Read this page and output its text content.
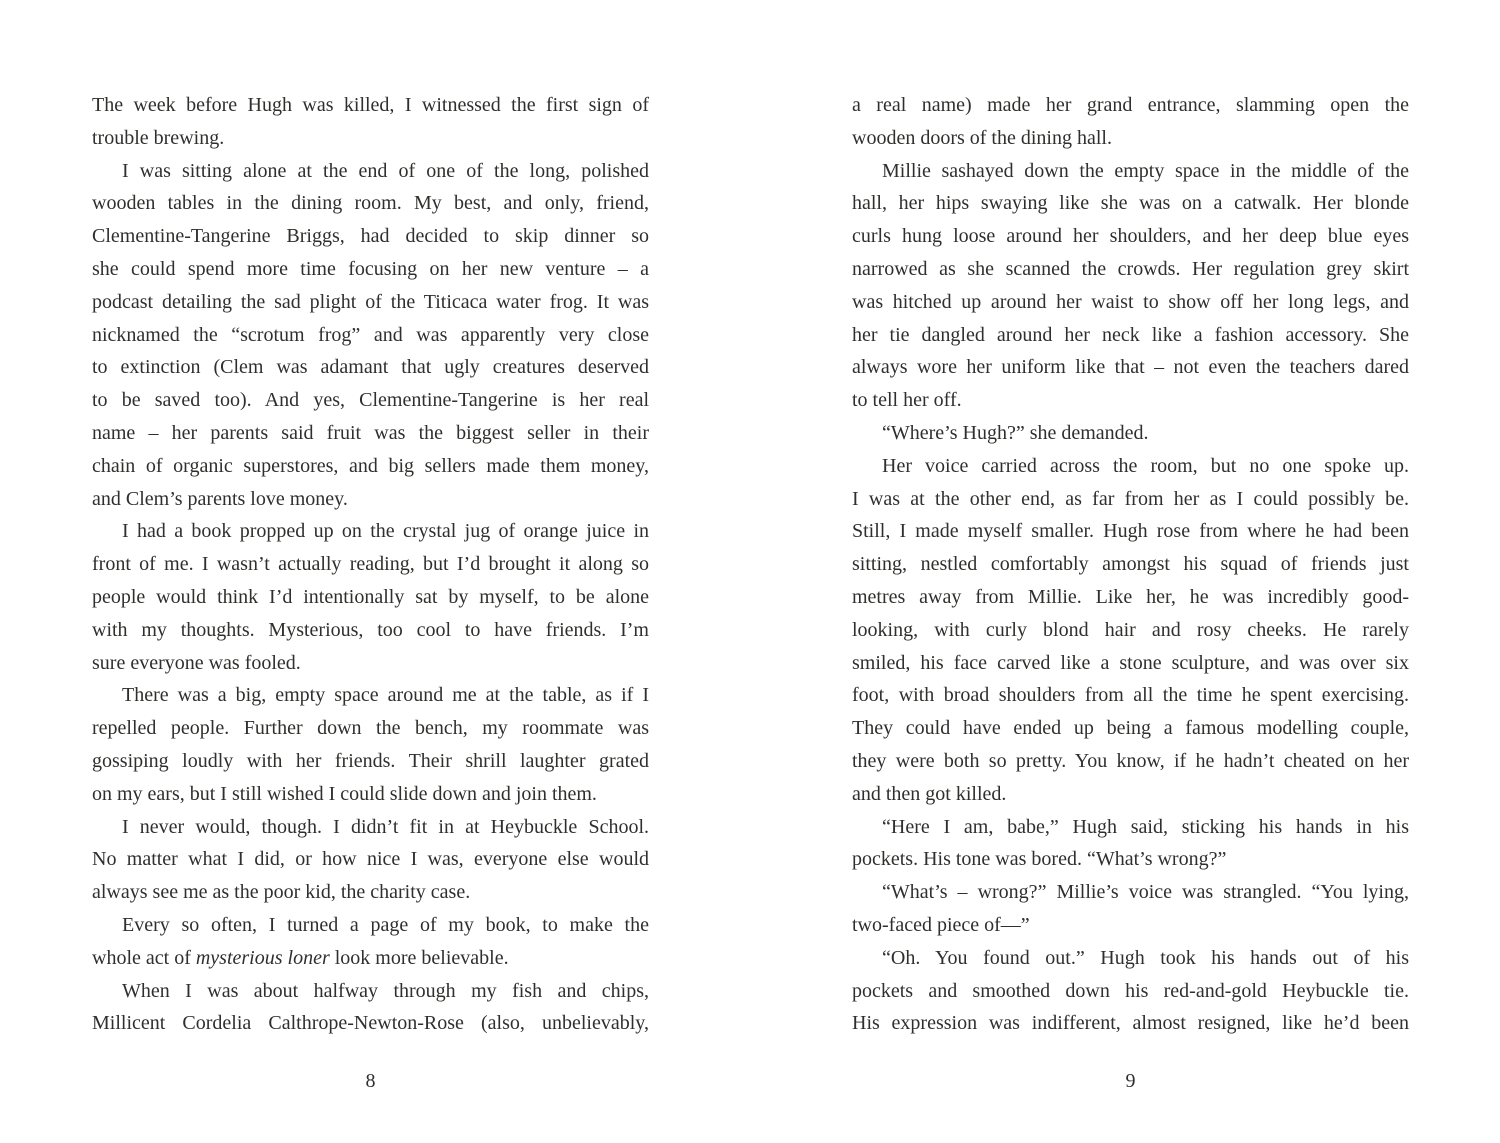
The week before Hugh was killed, I witnessed the first sign of
trouble brewing.
I was sitting alone at the end of one of the long, polished
wooden tables in the dining room. My best, and only, friend,
Clementine-Tangerine Briggs, had decided to skip dinner so
she could spend more time focusing on her new venture – a
podcast detailing the sad plight of the Titicaca water frog. It was
nicknamed the “scrotum frog” and was apparently very close
to extinction (Clem was adamant that ugly creatures deserved
to be saved too). And yes, Clementine-Tangerine is her real
name – her parents said fruit was the biggest seller in their
chain of organic superstores, and big sellers made them money,
and Clem’s parents love money.
I had a book propped up on the crystal jug of orange juice in
front of me. I wasn’t actually reading, but I’d brought it along so
people would think I’d intentionally sat by myself, to be alone
with my thoughts. Mysterious, too cool to have friends. I’m
sure everyone was fooled.
There was a big, empty space around me at the table, as if I
repelled people. Further down the bench, my roommate was
gossiping loudly with her friends. Their shrill laughter grated
on my ears, but I still wished I could slide down and join them.
I never would, though. I didn’t fit in at Heybuckle School.
No matter what I did, or how nice I was, everyone else would
always see me as the poor kid, the charity case.
Every so often, I turned a page of my book, to make the
whole act of mysterious loner look more believable.
When I was about halfway through my fish and chips,
Millicent Cordelia Calthrope-Newton-Rose (also, unbelievably,
8
a real name) made her grand entrance, slamming open the
wooden doors of the dining hall.
Millie sashayed down the empty space in the middle of the
hall, her hips swaying like she was on a catwalk. Her blonde
curls hung loose around her shoulders, and her deep blue eyes
narrowed as she scanned the crowds. Her regulation grey skirt
was hitched up around her waist to show off her long legs, and
her tie dangled around her neck like a fashion accessory. She
always wore her uniform like that – not even the teachers dared
to tell her off.
“Where’s Hugh?” she demanded.
Her voice carried across the room, but no one spoke up.
I was at the other end, as far from her as I could possibly be.
Still, I made myself smaller. Hugh rose from where he had been
sitting, nestled comfortably amongst his squad of friends just
metres away from Millie. Like her, he was incredibly good-
looking, with curly blond hair and rosy cheeks. He rarely
smiled, his face carved like a stone sculpture, and was over six
foot, with broad shoulders from all the time he spent exercising.
They could have ended up being a famous modelling couple,
they were both so pretty. You know, if he hadn’t cheated on her
and then got killed.
“Here I am, babe,” Hugh said, sticking his hands in his
pockets. His tone was bored. “What’s wrong?”
“What’s – wrong?” Millie’s voice was strangled. “You lying,
two-faced piece of—”
“Oh. You found out.” Hugh took his hands out of his
pockets and smoothed down his red-and-gold Heybuckle tie.
His expression was indifferent, almost resigned, like he’d been
9
